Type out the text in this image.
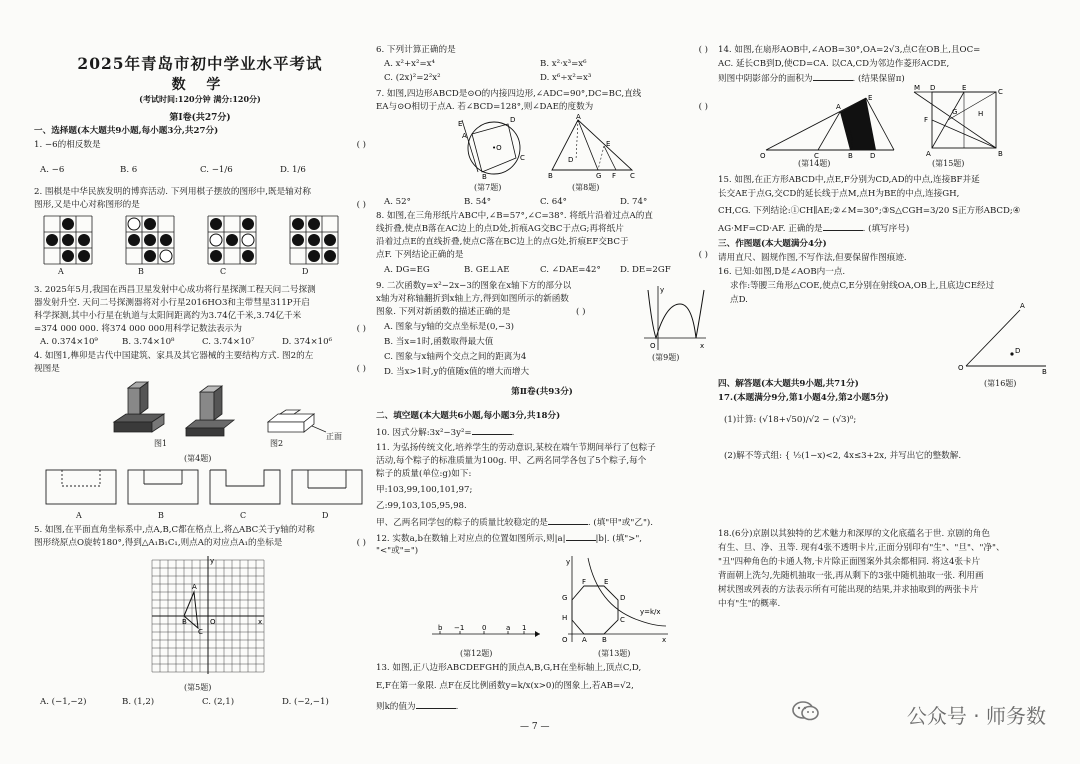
2025年青岛市初中学业水平考试
数 学
(考试时间:120分钟 满分:120分)
第Ⅰ卷(共27分)
一、选择题(本大题共9小题,每小题3分,共27分)
1. −6的相反数是	( )
A. −6	B. 6	C. −1/6	D. 1/6
2. 围棋是中华民族发明的博弈活动. 下列用棋子摆放的图形中,既是轴对称
图形,又是中心对称图形的是	( )
A	B	C	D
3. 2025年5月,我国在西昌卫星发射中心成功将行星探测工程天问二号探测
器发射升空. 天问二号探测器将对小行星2016HO3和主带彗星311P开启
科学探测,其中小行星在轨道与太阳间距离约为3.74亿千米,3.74亿千米
=374 000 000. 将374 000 000用科学记数法表示为	( )
A. 0.374×10⁹	B. 3.74×10⁸	C. 3.74×10⁷	D. 374×10⁶
4. 如图1,榫卯是古代中国建筑、家具及其它器械的主要结构方式. 图2的左
视图是	( )
图1	图2
正面
(第4题)
A	B	C	D
5. 如图,在平面直角坐标系中,点A,B,C都在格点上,将△ABC关于y轴的对称
图形绕原点O旋转180°,得到△A₁B₁C₁,则点A的对应点A₁的坐标是	( )
B
A
C
O	x
y
(第5题)
A. (−1,−2)	B. (1,2)	C. (2,1)	D. (−2,−1)
6. 下列计算正确的是	( )
A. x²+x²=x⁴	B. x²·x³=x⁶
C. (2x)²=2²x²	D. x⁶÷x²=x³
7. 如图,四边形ABCD是⊙O的内接四边形,∠ADC=90°,DC=BC,直线
EA与⊙O相切于点A. 若∠BCD=128°,则∠DAE的度数为	( )
•O
E
A
C
B
D	A
B	G F C
D
E
(第7题)	(第8题)
A. 52°	B. 54°	C. 64°	D. 74°
8. 如图,在三角形纸片ABC中,∠B=57°,∠C=38°. 将纸片沿着过点A的直
线折叠,使点B落在AC边上的点D处,折痕AG交BC于点G;再将纸片
沿着过点E的直线折叠,使点C落在BC边上的点G处,折痕EF交BC于
点F. 下列结论正确的是	( )
A. DG=EG	B. GE⊥AE	C. ∠DAE=42° D. DE=2GF
9. 二次函数y=x²−2x−3的图象在x轴下方的部分以
x轴为对称轴翻折到x轴上方,得到如图所示的新函数
图象. 下列对新函数的描述正确的是	( )
A. 图象与y轴的交点坐标是(0,−3)
B. 当x=1时,函数取得最大值
C. 图象与x轴两个交点之间的距离为4
D. 当x>1时,y的值随x值的增大而增大
O	x
y
(第9题)
第Ⅱ卷(共93分)
二、填空题(本大题共6小题,每小题3分,共18分)
10. 因式分解:3x²−3y²=	.
11. 为弘扬传统文化,培养学生的劳动意识,某校在端午节期间举行了包粽子
活动,每个粽子的标准质量为100g. 甲、乙两名同学各包了5个粽子,每个
粽子的质量(单位:g)如下:
甲:103,99,100,101,97;
乙:99,103,105,95,98.
甲、乙两名同学包的粽子的质量比较稳定的是	. (填"甲"或"乙").
12. 实数a,b在数轴上对应点的位置如图所示,则|a|	|b|. (填">",
"<"或"=")
b −1	0	a 1
(第12题)
O	x
y
G
H
A B
C
D
E
F
y=k/x
(第13题)
13. 如图,正八边形ABCDEFGH的顶点A,B,G,H在坐标轴上,顶点C,D,
E,F在第一象限. 点F在反比例函数y=k/x(x>0)的图象上,若AB=√2,
则k的值为	.
— 7 —
14. 如图,在扇形AOB中,∠AOB=30°,OA=2√3,点C在OB上,且OC=
AC. 延长CB到D,使CD=CA. 以CA,CD为邻边作菱形ACDE,
则图中阴影部分的面积为	. (结果保留π)
O	C	B D
A
E
(第14题)
M D	E	C
F
A	B
G	H
(第15题)
15. 如图,在正方形ABCD中,点E,F分别为CD,AD的中点,连接BF并延
长交AE于点G,交CD的延长线于点M,点H为BE的中点,连接GH,
CH,CG. 下列结论:①CH∥AE;②∠M=30°;③S△CGH=3/20 S正方形ABCD;④
AG·MF=CD·AF. 正确的是	. (填写序号)
三、作图题(本大题满分4分)
请用直尺、圆规作图,不写作法,但要保留作图痕迹.
16. 已知:如图,D是∠AOB内一点.
求作:等腰三角形△COE,使点C,E分别在射线OA,OB上,且底边CE经过
点D.
O	B
A
D
(第16题)
四、解答题(本大题共9小题,共71分)
17.(本题满分9分,第1小题4分,第2小题5分)
(1)计算: (√18+√50)/√2 − (√3)⁰;
(2)解不等式组: { ½(1−x)<2, 4x≤3+2x, 并写出它的整数解.
18.(6分)京剧以其独特的艺术魅力和深厚的文化底蕴名于世. 京剧的角色
有生、旦、净、丑等. 现有4张不透明卡片,正面分别印有"生"、"旦"、"净"、
"丑"四种角色的卡通人物,卡片除正面图案外其余都相同. 将这4张卡片
背面朝上洗匀,先随机抽取一张,再从剩下的3张中随机抽取一张. 利用画
树状图或列表的方法表示所有可能出现的结果,并求抽取到的两张卡片
中有"生"的概率.
公众号 · 师务数
